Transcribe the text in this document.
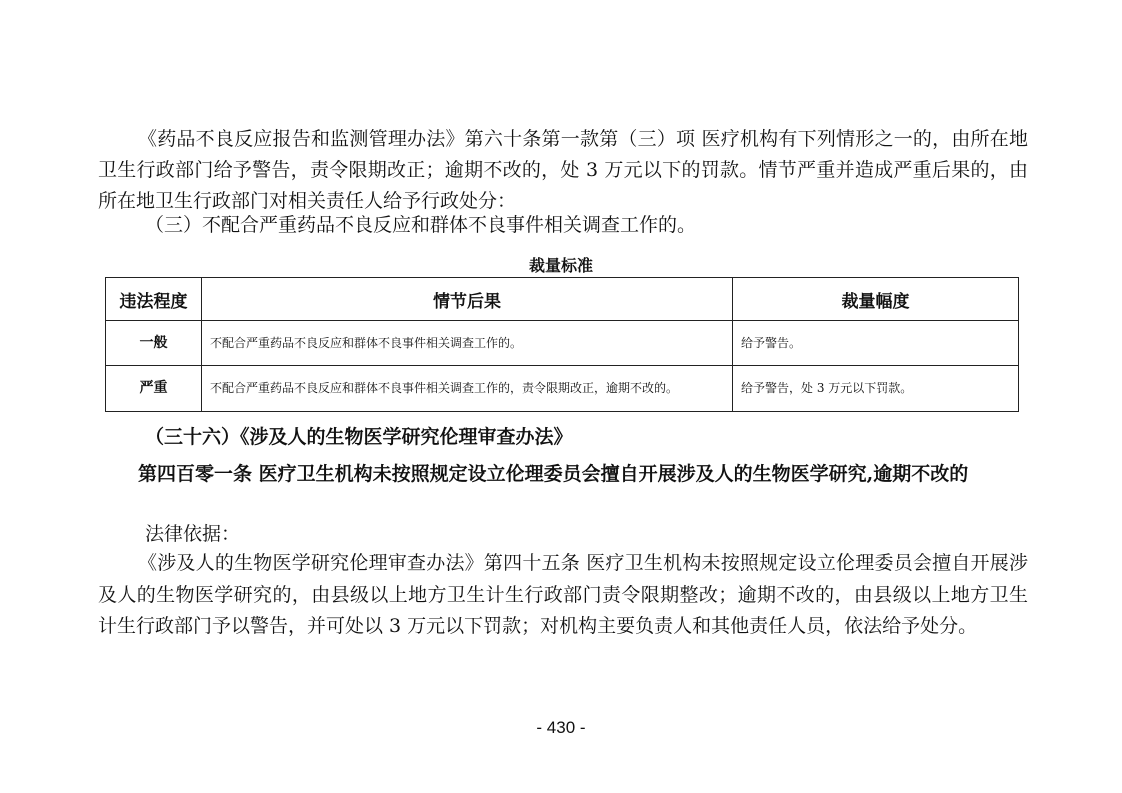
《药品不良反应报告和监测管理办法》第六十条第一款第（三）项 医疗机构有下列情形之一的，由所在地卫生行政部门给予警告，责令限期改正；逾期不改的，处 3 万元以下的罚款。情节严重并造成严重后果的，由所在地卫生行政部门对相关责任人给予行政处分：

（三）不配合严重药品不良反应和群体不良事件相关调查工作的。

裁量标准
违法程度	情节后果	裁量幅度
一般	不配合严重药品不良反应和群体不良事件相关调查工作的。	给予警告。
严重	不配合严重药品不良反应和群体不良事件相关调查工作的，责令限期改正，逾期不改的。	给予警告，处 3 万元以下罚款。
（三十六）《涉及人的生物医学研究伦理审查办法》
第四百零一条 医疗卫生机构未按照规定设立伦理委员会擅自开展涉及人的生物医学研究,逾期不改的
法律依据：

《涉及人的生物医学研究伦理审查办法》第四十五条 医疗卫生机构未按照规定设立伦理委员会擅自开展涉及人的生物医学研究的，由县级以上地方卫生计生行政部门责令限期整改；逾期不改的，由县级以上地方卫生计生行政部门予以警告，并可处以 3 万元以下罚款；对机构主要负责人和其他责任人员，依法给予处分。

- 430 -
